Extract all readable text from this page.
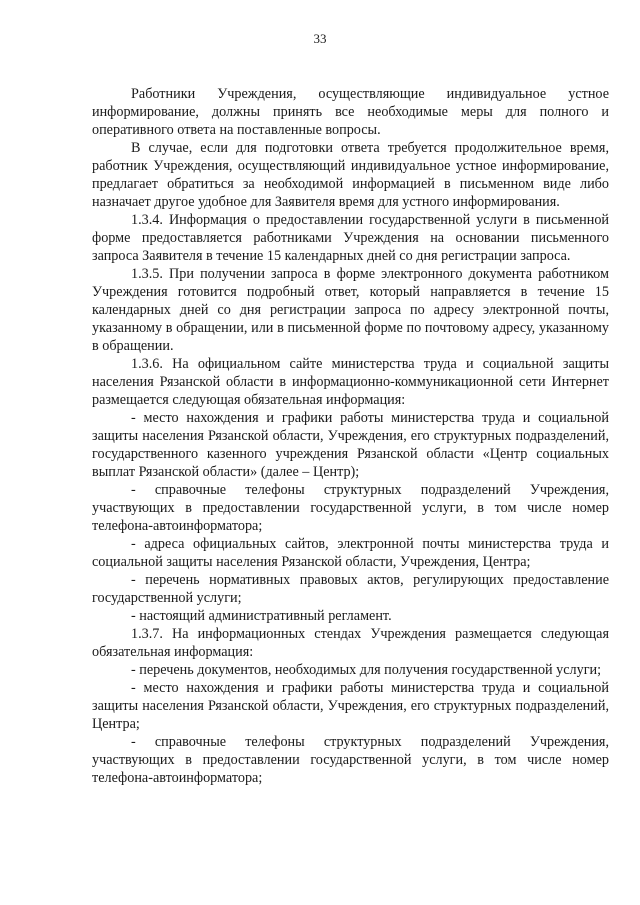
33

Работники Учреждения, осуществляющие индивидуальное устное информирование, должны принять все необходимые меры для полного и оперативного ответа на поставленные вопросы.

В случае, если для подготовки ответа требуется продолжительное время, работник Учреждения, осуществляющий индивидуальное устное информирование, предлагает обратиться за необходимой информацией в письменном виде либо назначает другое удобное для Заявителя время для устного информирования.

1.3.4. Информация о предоставлении государственной услуги в письменной форме предоставляется работниками Учреждения на основании письменного запроса Заявителя в течение 15 календарных дней со дня регистрации запроса.

1.3.5. При получении запроса в форме электронного документа работником Учреждения готовится подробный ответ, который направляется в течение 15 календарных дней со дня регистрации запроса по адресу электронной почты, указанному в обращении, или в письменной форме по почтовому адресу, указанному в обращении.

1.3.6. На официальном сайте министерства труда и социальной защиты населения Рязанской области в информационно-коммуникационной сети Интернет размещается следующая обязательная информация:

- место нахождения и графики работы министерства труда и социальной защиты населения Рязанской области, Учреждения, его структурных подразделений, государственного казенного учреждения Рязанской области «Центр социальных выплат Рязанской области» (далее – Центр);

- справочные телефоны структурных подразделений Учреждения, участвующих в предоставлении государственной услуги, в том числе номер телефона-автоинформатора;

- адреса официальных сайтов, электронной почты министерства труда и социальной защиты населения Рязанской области, Учреждения, Центра;

- перечень нормативных правовых актов, регулирующих предоставление государственной услуги;

- настоящий административный регламент.

1.3.7. На информационных стендах Учреждения размещается следующая обязательная информация:

- перечень документов, необходимых для получения государственной услуги;

- место нахождения и графики работы министерства труда и социальной защиты населения Рязанской области, Учреждения, его структурных подразделений, Центра;

- справочные телефоны структурных подразделений Учреждения, участвующих в предоставлении государственной услуги, в том числе номер телефона-автоинформатора;
